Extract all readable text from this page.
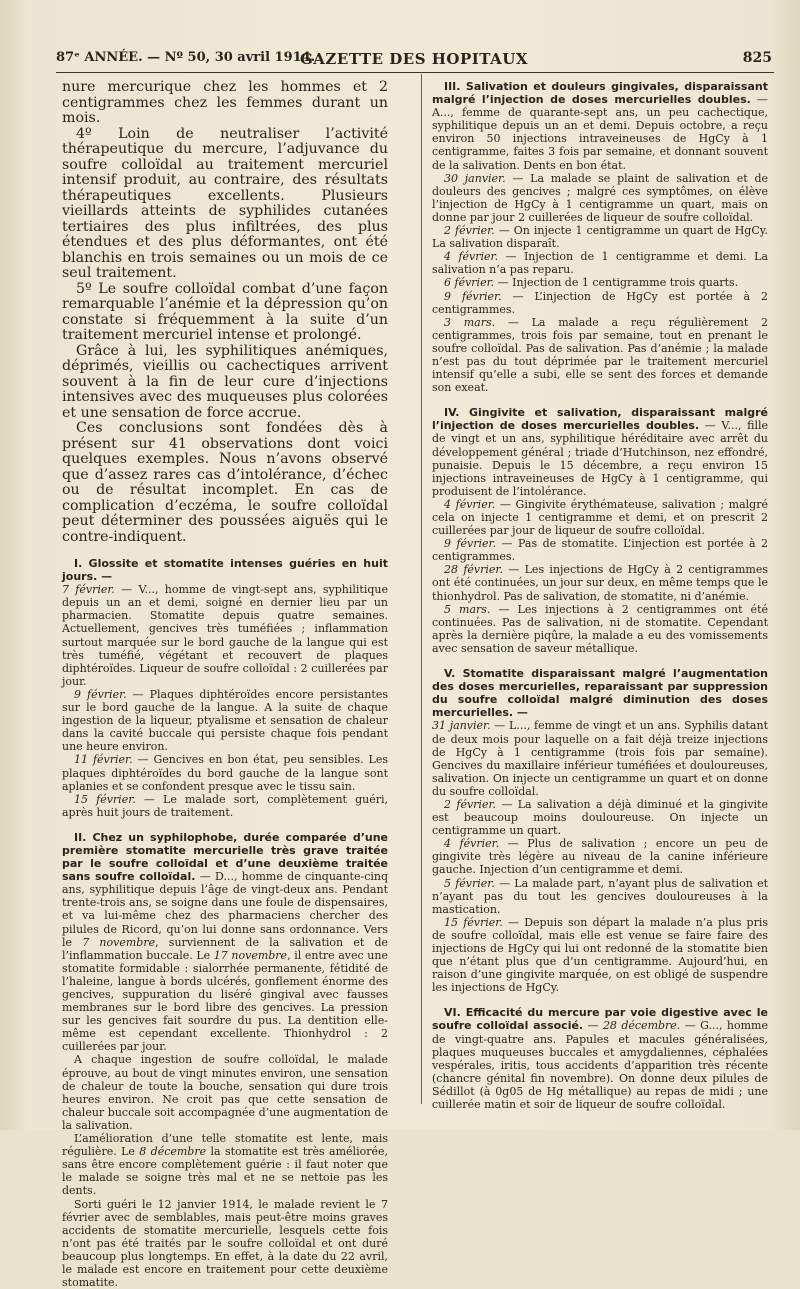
87ᵉ ANNÉE. — Nº 50, 30 avril 1914.
GAZETTE DES HOPITAUX	825

nure mercurique chez les hommes et 2 centigrammes chez les femmes durant un mois.

4º Loin de neutraliser l’activité thérapeutique du mercure, l’adjuvance du soufre colloïdal au traitement mercuriel intensif produit, au contraire, des résultats thérapeutiques excellents. Plusieurs vieillards atteints de syphilides cutanées tertiaires des plus infiltrées, des plus étendues et des plus déformantes, ont été blanchis en trois semaines ou un mois de ce seul traitement.

5º Le soufre colloïdal combat d’une façon remarquable l’anémie et la dépression qu’on constate si fréquemment à la suite d’un traitement mercuriel intense et prolongé.

Grâce à lui, les syphilitiques anémiques, déprimés, vieillis ou cachectiques arrivent souvent à la fin de leur cure d’injections intensives avec des muqueuses plus colorées et une sensation de force accrue.

Ces conclusions sont fondées dès à présent sur 41 observations dont voici quelques exemples. Nous n’avons observé que d’assez rares cas d’intolérance, d’échec ou de résultat incomplet. En cas de complication d’eczéma, le soufre colloïdal peut déterminer des poussées aiguës qui le contre-indiquent.

I. Glossite et stomatite intenses guéries en huit jours. —

7 février. — V..., homme de vingt-sept ans, syphilitique depuis un an et demi, soigné en dernier lieu par un pharmacien. Stomatite depuis quatre semaines. Actuellement, gencives très tuméfiées ; inflammation surtout marquée sur le bord gauche de la langue qui est très tuméfié, végétant et recouvert de plaques diphtéroïdes. Liqueur de soufre colloïdal : 2 cuillerées par jour.

9 février. — Plaques diphtéroïdes encore persistantes sur le bord gauche de la langue. A la suite de chaque ingestion de la liqueur, ptyalisme et sensation de chaleur dans la cavité buccale qui persiste chaque fois pendant une heure environ.

11 février. — Gencives en bon état, peu sensibles. Les plaques diphtéroïdes du bord gauche de la langue sont aplanies et se confondent presque avec le tissu sain.

15 février. — Le malade sort, complètement guéri, après huit jours de traitement.

II. Chez un syphilophobe, durée comparée d’une première stomatite mercurielle très grave traitée par le soufre colloïdal et d’une deuxième traitée sans soufre colloïdal. — D..., homme de cinquante-cinq ans, syphilitique depuis l’âge de vingt-deux ans. Pendant trente-trois ans, se soigne dans une foule de dispensaires, et va lui-même chez des pharmaciens chercher des pilules de Ricord, qu’on lui donne sans ordonnance. Vers le 7 novembre, surviennent de la salivation et de l’inflammation buccale. Le 17 novembre, il entre avec une stomatite formidable : sialorrhée permanente, fétidité de l’haleine, langue à bords ulcérés, gonflement énorme des gencives, suppuration du liséré gingival avec fausses membranes sur le bord libre des gencives. La pression sur les gencives fait sourdre du pus. La dentition elle-même est cependant excellente. Thionhydrol : 2 cuillerées par jour.

A chaque ingestion de soufre colloïdal, le malade éprouve, au bout de vingt minutes environ, une sensation de chaleur de toute la bouche, sensation qui dure trois heures environ. Ne croit pas que cette sensation de chaleur buccale soit accompagnée d’une augmentation de la salivation.

L’amélioration d’une telle stomatite est lente, mais régulière. Le 8 décembre la stomatite est très améliorée, sans être encore complètement guérie : il faut noter que le malade se soigne très mal et ne se nettoie pas les dents.

Sorti guéri le 12 janvier 1914, le malade revient le 7 février avec de semblables, mais peut-être moins graves accidents de stomatite mercurielle, lesquels cette fois n’ont pas été traités par le soufre colloïdal et ont duré beaucoup plus longtemps. En effet, à la date du 22 avril, le malade est encore en traitement pour cette deuxième stomatite.

III. Salivation et douleurs gingivales, disparaissant malgré l’injection de doses mercurielles doubles. — A..., femme de quarante-sept ans, un peu cachectique, syphilitique depuis un an et demi. Depuis octobre, a reçu environ 50 injections intraveineuses de HgCy à 1 centigramme, faites 3 fois par semaine, et donnant souvent de la salivation. Dents en bon état.

30 janvier. — La malade se plaint de salivation et de douleurs des gencives ; malgré ces symptômes, on élève l’injection de HgCy à 1 centigramme un quart, mais on donne par jour 2 cuillerées de liqueur de soufre colloïdal.

2 février. — On injecte 1 centigramme un quart de HgCy. La salivation disparaît.

4 février. — Injection de 1 centigramme et demi. La salivation n’a pas reparu.

6 février. — Injection de 1 centigramme trois quarts.

9 février. — L’injection de HgCy est portée à 2 centigrammes.

3 mars. — La malade a reçu régulièrement 2 centigrammes, trois fois par semaine, tout en prenant le soufre colloïdal. Pas de salivation. Pas d’anémie ; la malade n’est pas du tout déprimée par le traitement mercuriel intensif qu’elle a subi, elle se sent des forces et demande son exeat.

IV. Gingivite et salivation, disparaissant malgré l’injection de doses mercurielles doubles. — V..., fille de vingt et un ans, syphilitique héréditaire avec arrêt du développement général ; triade d’Hutchinson, nez effondré, punaisie. Depuis le 15 décembre, a reçu environ 15 injections intraveineuses de HgCy à 1 centigramme, qui produisent de l’intolérance.

4 février. — Gingivite érythémateuse, salivation ; malgré cela on injecte 1 centigramme et demi, et on prescrit 2 cuillerées par jour de liqueur de soufre colloïdal.

9 février. — Pas de stomatite. L’injection est portée à 2 centigrammes.

28 février. — Les injections de HgCy à 2 centigrammes ont été continuées, un jour sur deux, en même temps que le thionhydrol. Pas de salivation, de stomatite, ni d’anémie.

5 mars. — Les injections à 2 centigrammes ont été continuées. Pas de salivation, ni de stomatite. Cependant après la dernière piqûre, la malade a eu des vomissements avec sensation de saveur métallique.

V. Stomatite disparaissant malgré l’augmentation des doses mercurielles, reparaissant par suppression du soufre colloïdal malgré diminution des doses mercurielles. —

31 janvier. — L..., femme de vingt et un ans. Syphilis datant de deux mois pour laquelle on a fait déjà treize injections de HgCy à 1 centigramme (trois fois par semaine). Gencives du maxillaire inférieur tuméfiées et douloureuses, salivation. On injecte un centigramme un quart et on donne du soufre colloïdal.

2 février. — La salivation a déjà diminué et la gingivite est beaucoup moins douloureuse. On injecte un centigramme un quart.

4 février. — Plus de salivation ; encore un peu de gingivite très légère au niveau de la canine inférieure gauche. Injection d’un centigramme et demi.

5 février. — La malade part, n’ayant plus de salivation et n’ayant pas du tout les gencives douloureuses à la mastication.

15 février. — Depuis son départ la malade n’a plus pris de soufre colloïdal, mais elle est venue se faire faire des injections de HgCy qui lui ont redonné de la stomatite bien que n’étant plus que d’un centigramme. Aujourd’hui, en raison d’une gingivite marquée, on est obligé de suspendre les injections de HgCy.

VI. Efficacité du mercure par voie digestive avec le soufre colloïdal associé. — 28 décembre. — G..., homme de vingt-quatre ans. Papules et macules généralisées, plaques muqueuses buccales et amygdaliennes, céphalées vespérales, iritis, tous accidents d’apparition très récente (chancre génital fin novembre). On donne deux pilules de Sédillot (à 0g05 de Hg métallique) au repas de midi ; une cuillerée matin et soir de liqueur de soufre colloïdal.
